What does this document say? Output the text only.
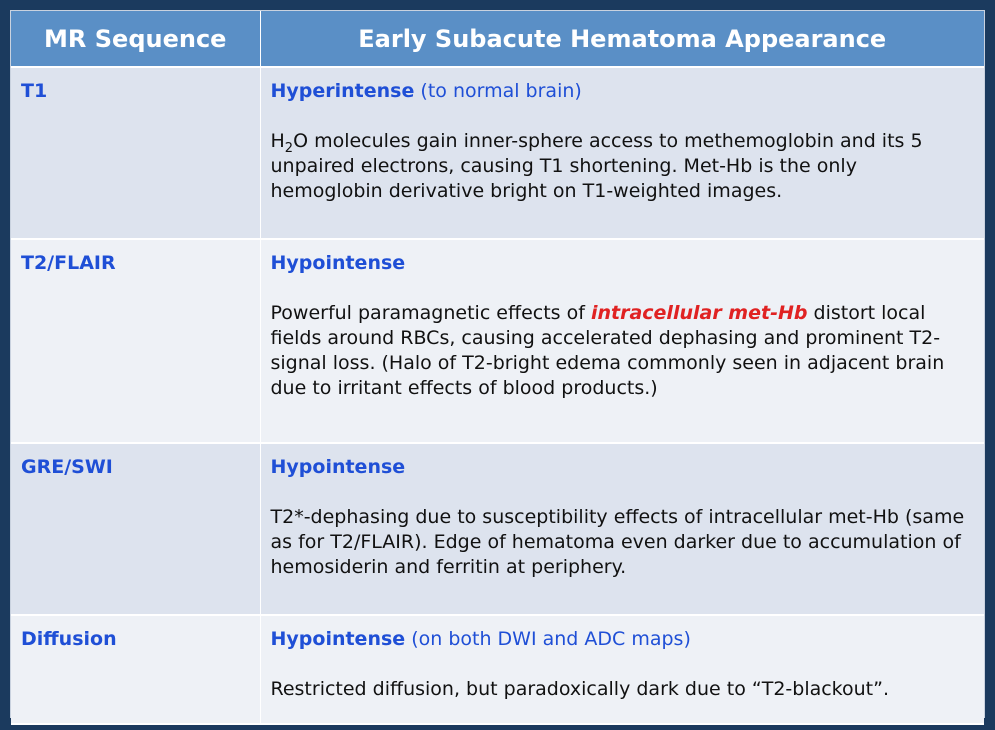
MR Sequence	Early Subacute Hematoma Appearance
T1	Hyperintense (to normal brain)
$H_2O$ molecules gain inner-sphere access to methemoglobin and its 5 unpaired electrons, causing T1 shortening. Met-Hb is the only hemoglobin derivative bright on T1-weighted images.

T2/FLAIR	Hypointense
Powerful paramagnetic effects of intracellular met-Hb distort local fields around RBCs, causing accelerated dephasing and prominent T2-signal loss. (Halo of T2-bright edema commonly seen in adjacent brain due to irritant effects of blood products.)

GRE/SWI	Hypointense
T2*-dephasing due to susceptibility effects of intracellular met-Hb (same as for T2/FLAIR). Edge of hematoma even darker due to accumulation of hemosiderin and ferritin at periphery.

Diffusion	Hypointense (on both DWI and ADC maps)
Restricted diffusion, but paradoxically dark due to “T2-blackout”.
